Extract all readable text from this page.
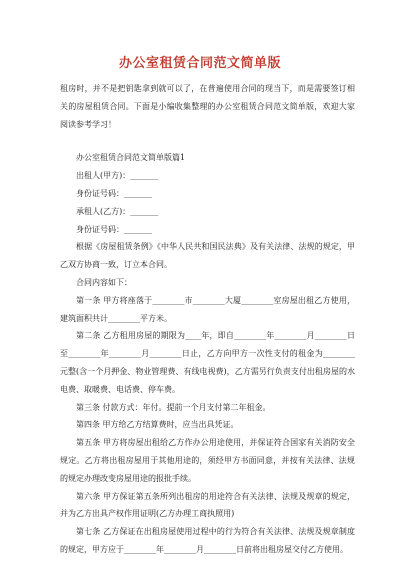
办公室租赁合同范文简单版

租房时，并不是把钥匙拿到就可以了，在普遍使用合同的现当下，而是需要签订相关的房屋租赁合同。下面是小编收集整理的办公室租赁合同范文简单版，欢迎大家阅读参考学习！

办公室租赁合同范文简单版篇1

出租人(甲方)：_______

身份证号码：_______

承租人(乙方)：_______

身份证号码：_______

根据《房屋租赁条例》《中华人民共和国民法典》及有关法律、法规的规定，甲乙双方协商一致，订立本合同。

合同内容如下：

第一条 甲方将座落于________市________大厦________室房屋出租乙方使用，建筑面积共计________平方米。

第二条 乙方租用房屋的期限为____年，即自________年________月________日至________年________月________日止，乙方向甲方一次性支付的租金为________元整(含一个月押金、物业管理费、有线电视费)，乙方需另行负责支付出租房屋的水电费、取暖费、电话费、停车费。

第三条 付款方式：年付。提前一个月支付第二年租金。

第四条 甲方给乙方结算费时，应当出具凭证。

第五条 甲方将房屋出租给乙方作办公用途使用，并保证符合国家有关消防安全规定。乙方将出租房屋用于其他用途的，须经甲方书面同意，并按有关法律、法规的规定办理改变房屋用途的报批手续。

第六条 甲方保证第五条所列出租房的用途符合有关法律、法规及规章的规定，并为乙方出具产权作用证明(乙方办理工商执照用)

第七条 乙方保证在出租房屋使用过程中的行为符合有关法律、法规及规章制度的规定，甲方应于________年________月________日前将出租房屋交付乙方使用。
